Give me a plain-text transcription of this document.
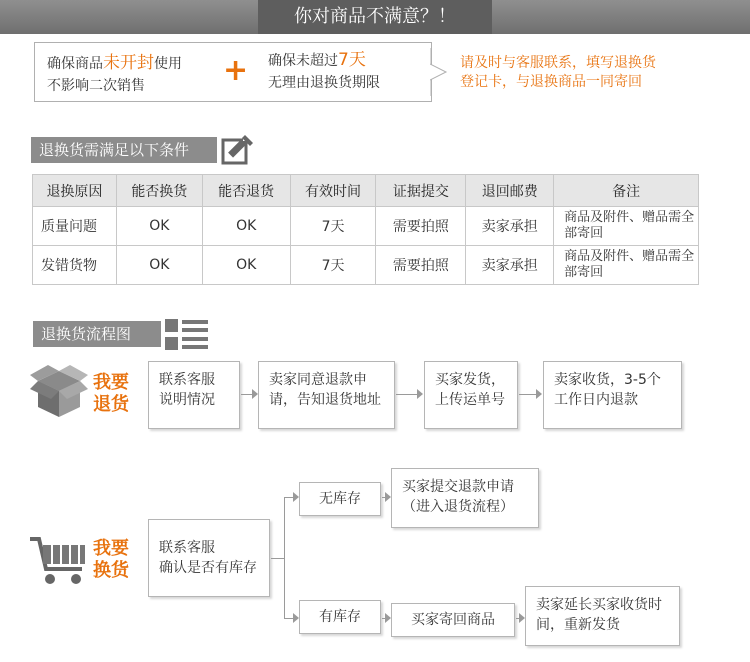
你对商品不满意？！
确保商品未开封使用
不影响二次销售	+ 确保未超过7天
无理由退换货期限
请及时与客服联系，填写退换货
登记卡，与退换商品一同寄回
退换货需满足以下条件
退换原因	能否换货	能否退货	有效时间	证据提交	退回邮费	备注
质量问题	OK	OK	7天	需要拍照	卖家承担	商品及附件、赠品需全部寄回
发错货物	OK	OK	7天	需要拍照	卖家承担	商品及附件、赠品需全部寄回
退换货流程图
我要
退货
联系客服
说明情况
卖家同意退款申
请，告知退货地址
买家发货，
上传运单号
卖家收货，3-5个
工作日内退款
我要
换货
联系客服
确认是否有库存
无库存
买家提交退款申请
（进入退货流程）
有库存	买家寄回商品
卖家延长买家收货时
间，重新发货
